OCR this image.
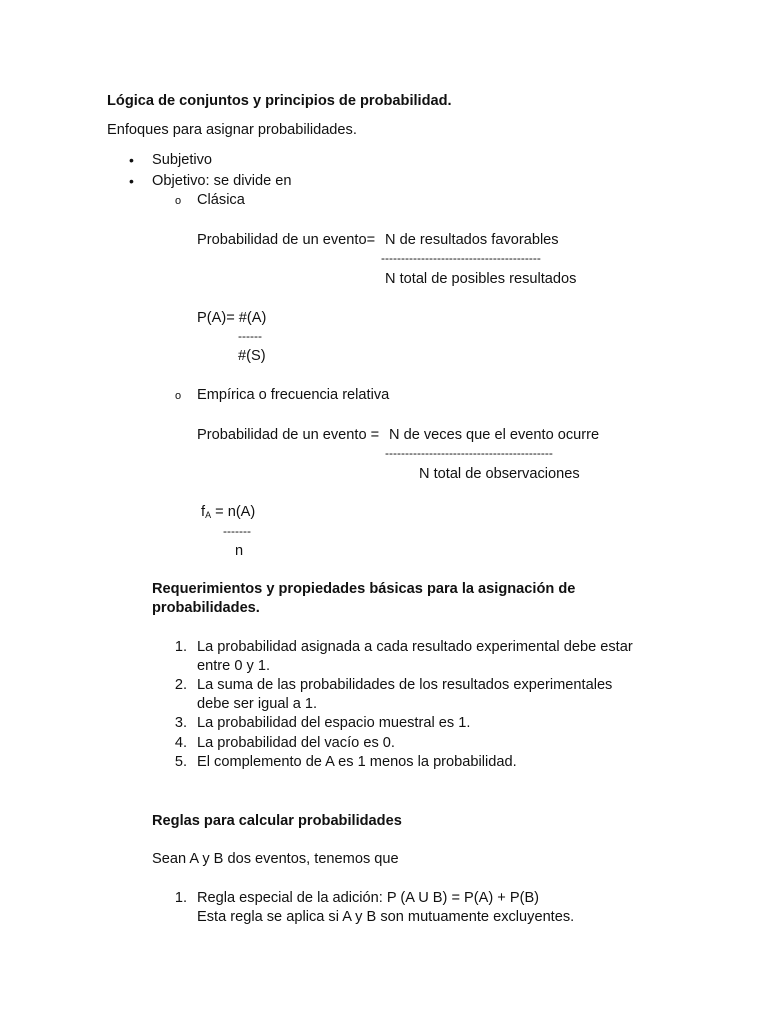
Lógica de conjuntos y principios de probabilidad.
Enfoques para asignar probabilidades.
• Subjetivo
• Objetivo: se divide en
o Clásica
Probabilidad de un evento= N de resultados favorables
----------------------------------------
N total de posibles resultados
P(A)= #(A)
------
#(S)
o Empírica o frecuencia relativa
Probabilidad de un evento = N de veces que el evento ocurre
------------------------------------------
N total de observaciones
$f_A = n(A)$
-------
n
Requerimientos y propiedades básicas para la asignación de
probabilidades.
1. La probabilidad asignada a cada resultado experimental debe estar
entre 0 y 1.
2. La suma de las probabilidades de los resultados experimentales
debe ser igual a 1.
3. La probabilidad del espacio muestral es 1.
4. La probabilidad del vacío es 0.
5. El complemento de A es 1 menos la probabilidad.
Reglas para calcular probabilidades
Sean A y B dos eventos, tenemos que
1. Regla especial de la adición: P (A U B) = P(A) + P(B)
Esta regla se aplica si A y B son mutuamente excluyentes.
